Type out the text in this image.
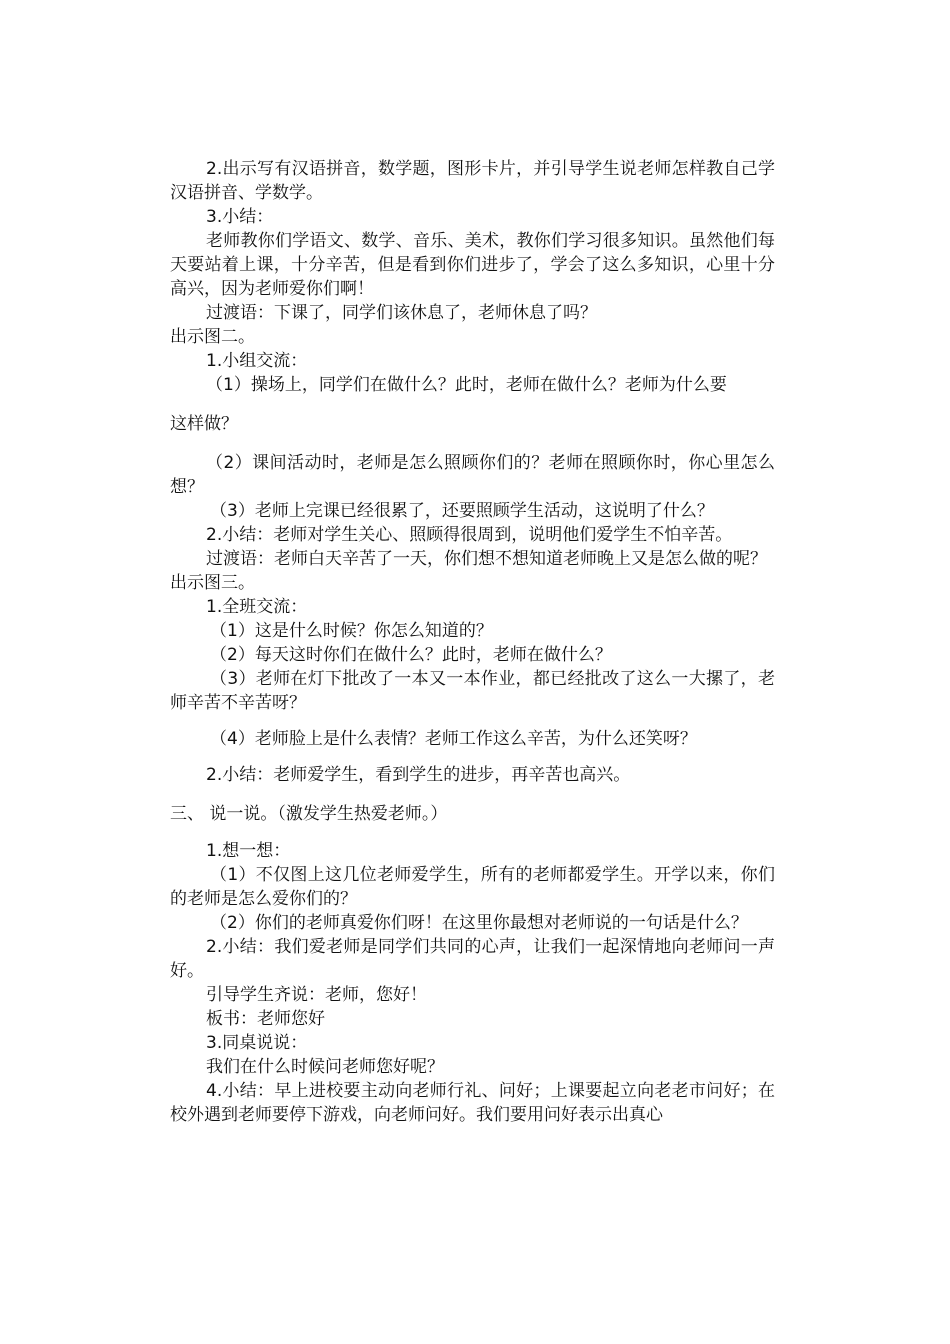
2.出示写有汉语拼音，数学题，图形卡片，并引导学生说老师怎样教自己学汉语拼音、学数学。

3.小结：

老师教你们学语文、数学、音乐、美术，教你们学习很多知识。虽然他们每天要站着上课，十分辛苦，但是看到你们进步了，学会了这么多知识，心里十分高兴，因为老师爱你们啊！

过渡语：下课了，同学们该休息了，老师休息了吗？

出示图二。

1.小组交流：

（1）操场上，同学们在做什么？此时，老师在做什么？老师为什么要

这样做？

（2）课间活动时，老师是怎么照顾你们的？老师在照顾你时，你心里怎么想？

（3）老师上完课已经很累了，还要照顾学生活动，这说明了什么？

2.小结：老师对学生关心、照顾得很周到，说明他们爱学生不怕辛苦。

过渡语：老师白天辛苦了一天，你们想不想知道老师晚上又是怎么做的呢？

出示图三。

1.全班交流：

（1）这是什么时候？你怎么知道的？

（2）每天这时你们在做什么？此时，老师在做什么？

（3）老师在灯下批改了一本又一本作业，都已经批改了这么一大摞了，老师辛苦不辛苦呀？

（4）老师脸上是什么表情？老师工作这么辛苦，为什么还笑呀？

2.小结：老师爱学生，看到学生的进步，再辛苦也高兴。

三、 说一说。（激发学生热爱老师。）

1.想一想：

（1）不仅图上这几位老师爱学生，所有的老师都爱学生。开学以来，你们的老师是怎么爱你们的？

（2）你们的老师真爱你们呀！在这里你最想对老师说的一句话是什么？

2.小结：我们爱老师是同学们共同的心声，让我们一起深情地向老师问一声好。

引导学生齐说：老师，您好！

板书：老师您好

3.同桌说说：

我们在什么时候问老师您好呢？

4.小结：早上进校要主动向老师行礼、问好；上课要起立向老老市问好；在校外遇到老师要停下游戏，向老师问好。我们要用问好表示出真心
